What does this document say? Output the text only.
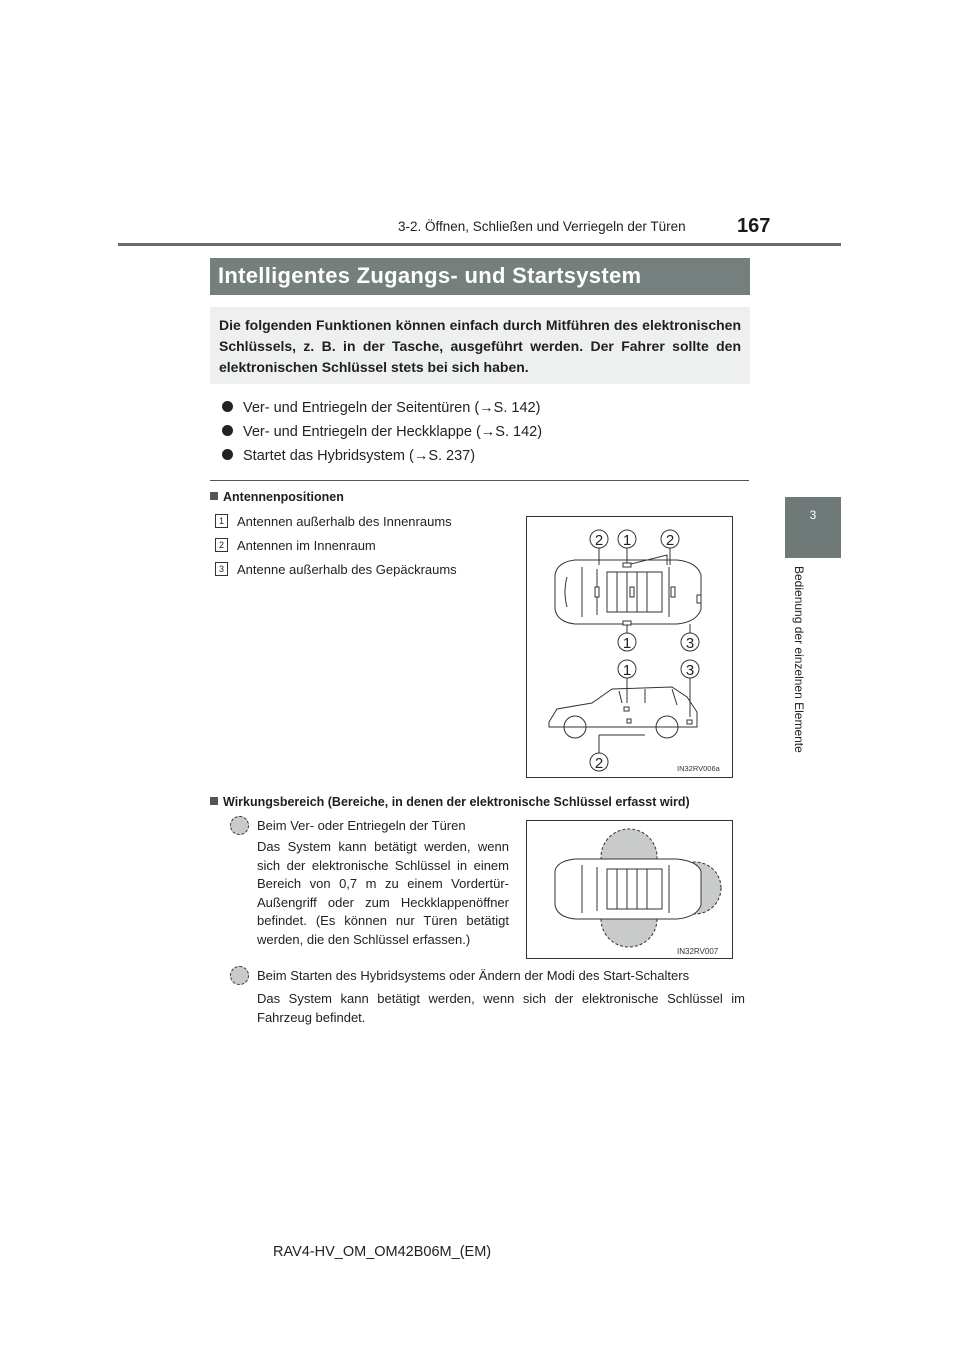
3-2. Öffnen, Schließen und Verriegeln der Türen	167
3
Bedienung der einzelnen Elemente
Intelligentes Zugangs- und Startsystem
Die folgenden Funktionen können einfach durch Mitführen des elektronischen Schlüssels, z. B. in der Tasche, ausgeführt werden. Der Fahrer sollte den elektronischen Schlüssel stets bei sich haben.
Ver- und Entriegeln der Seitentüren (→S. 142)
Ver- und Entriegeln der Heckklappe (→S. 142)
Startet das Hybridsystem (→S. 237)
Antennenpositionen
1	Antennen außerhalb des Innenraums
2	Antennen im Innenraum
3	Antenne außerhalb des Gepäckraums
2 1 2
1	3
1	3
2	IN32RV006a
Wirkungsbereich (Bereiche, in denen der elektronische Schlüssel erfasst wird)
Beim Ver- oder Entriegeln der Türen
Das System kann betätigt werden, wenn sich der elektronische Schlüssel in einem Bereich von 0,7 m zu einem Vordertür-Außengriff oder zum Heckklappenöffner befindet. (Es können nur Türen betätigt werden, die den Schlüssel erfassen.)
IN32RV007
Beim Starten des Hybridsystems oder Ändern der Modi des Start-Schalters
Das System kann betätigt werden, wenn sich der elektronische Schlüssel im Fahrzeug befindet.
RAV4-HV_OM_OM42B06M_(EM)
